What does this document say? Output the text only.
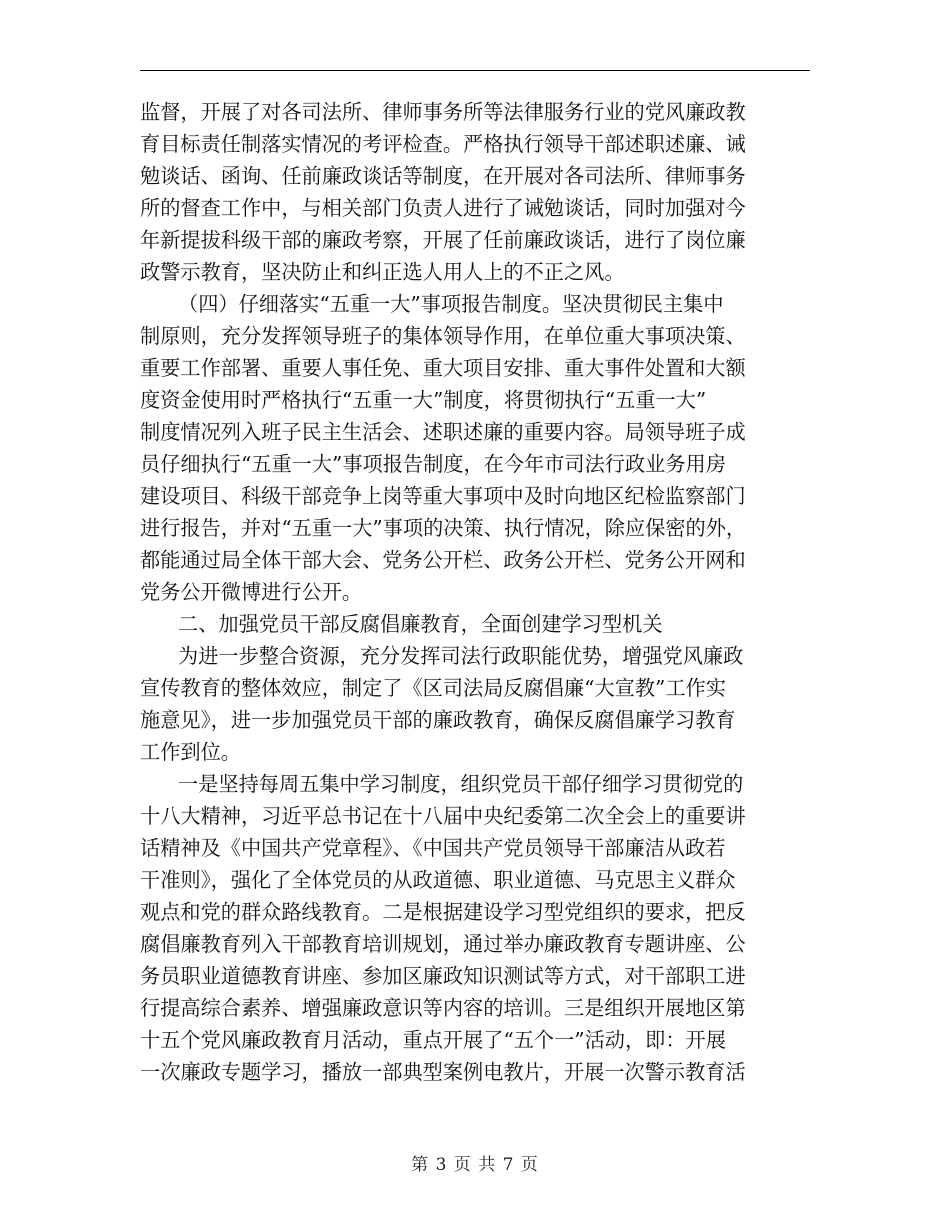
监督，开展了对各司法所、律师事务所等法律服务行业的党风廉政教
育目标责任制落实情况的考评检查。严格执行领导干部述职述廉、诫
勉谈话、函询、任前廉政谈话等制度，在开展对各司法所、律师事务
所的督查工作中，与相关部门负责人进行了诫勉谈话，同时加强对今
年新提拔科级干部的廉政考察，开展了任前廉政谈话，进行了岗位廉
政警示教育，坚决防止和纠正选人用人上的不正之风。
（四）仔细落实“五重一大”事项报告制度。坚决贯彻民主集中
制原则，充分发挥领导班子的集体领导作用，在单位重大事项决策、
重要工作部署、重要人事任免、重大项目安排、重大事件处置和大额
度资金使用时严格执行“五重一大”制度，将贯彻执行“五重一大”
制度情况列入班子民主生活会、述职述廉的重要内容。局领导班子成
员仔细执行“五重一大”事项报告制度，在今年市司法行政业务用房
建设项目、科级干部竞争上岗等重大事项中及时向地区纪检监察部门
进行报告，并对“五重一大”事项的决策、执行情况，除应保密的外，
都能通过局全体干部大会、党务公开栏、政务公开栏、党务公开网和
党务公开微博进行公开。
二、加强党员干部反腐倡廉教育，全面创建学习型机关
为进一步整合资源，充分发挥司法行政职能优势，增强党风廉政
宣传教育的整体效应，制定了《区司法局反腐倡廉“大宣教”工作实
施意见》，进一步加强党员干部的廉政教育，确保反腐倡廉学习教育
工作到位。
一是坚持每周五集中学习制度，组织党员干部仔细学习贯彻党的
十八大精神，习近平总书记在十八届中央纪委第二次全会上的重要讲
话精神及《中国共产党章程》、《中国共产党员领导干部廉洁从政若
干准则》，强化了全体党员的从政道德、职业道德、马克思主义群众
观点和党的群众路线教育。二是根据建设学习型党组织的要求，把反
腐倡廉教育列入干部教育培训规划，通过举办廉政教育专题讲座、公
务员职业道德教育讲座、参加区廉政知识测试等方式，对干部职工进
行提高综合素养、增强廉政意识等内容的培训。三是组织开展地区第
十五个党风廉政教育月活动，重点开展了“五个一”活动，即：开展
一次廉政专题学习，播放一部典型案例电教片，开展一次警示教育活
第 3 页 共 7 页
